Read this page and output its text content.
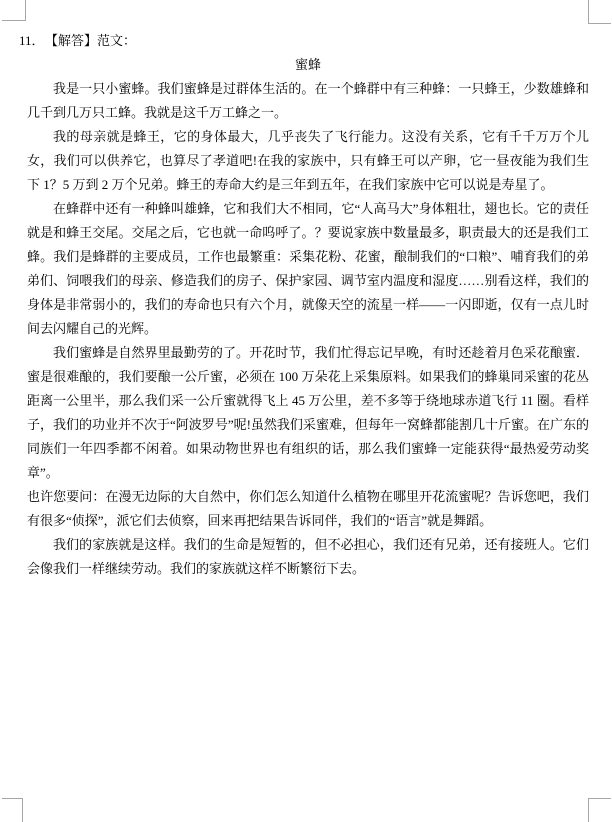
11． 【解答】范文：
蜜蜂

我是一只小蜜蜂。我们蜜蜂是过群体生活的。在一个蜂群中有三种蜂：一只蜂王，少数雄蜂和几千到几万只工蜂。我就是这千万工蜂之一。

我的母亲就是蜂王，它的身体最大，几乎丧失了飞行能力。这没有关系，它有千千万万个儿女，我们可以供养它，也算尽了孝道吧!在我的家族中，只有蜂王可以产卵，它一昼夜能为我们生下 1？5 万到 2 万个兄弟。蜂王的寿命大约是三年到五年，在我们家族中它可以说是寿星了。

在蜂群中还有一种蜂叫雄蜂，它和我们大不相同，它“人高马大”身体粗壮，翅也长。它的责任就是和蜂王交尾。交尾之后，它也就一命呜呼了。？要说家族中数量最多，职责最大的还是我们工蜂。我们是蜂群的主要成员，工作也最繁重：采集花粉、花蜜，酿制我们的“口粮”、哺育我们的弟弟们、饲喂我们的母亲、修造我们的房子、保护家园、调节室内温度和湿度……别看这样，我们的身体是非常弱小的，我们的寿命也只有六个月，就像天空的流星一样——一闪即逝，仅有一点儿时间去闪耀自己的光辉。

我们蜜蜂是自然界里最勤劳的了。开花时节，我们忙得忘记早晚，有时还趁着月色采花酿蜜．蜜是很难酿的，我们要酿一公斤蜜，必须在 100 万朵花上采集原料。如果我们的蜂巢同采蜜的花丛距离一公里半，那么我们采一公斤蜜就得飞上 45 万公里，差不多等于绕地球赤道飞行 11 圈。看样子，我们的功业并不次于“阿波罗号”呢!虽然我们采蜜难，但每年一窝蜂都能割几十斤蜜。在广东的同族们一年四季都不闲着。如果动物世界也有组织的话，那么我们蜜蜂一定能获得“最热爱劳动奖章”。

也许您要问：在漫无边际的大自然中，你们怎么知道什么植物在哪里开花流蜜呢？告诉您吧，我们有很多“侦探”，派它们去侦察，回来再把结果告诉同伴，我们的“语言”就是舞蹈。

我们的家族就是这样。我们的生命是短暂的，但不必担心，我们还有兄弟，还有接班人。它们会像我们一样继续劳动。我们的家族就这样不断繁衍下去。
